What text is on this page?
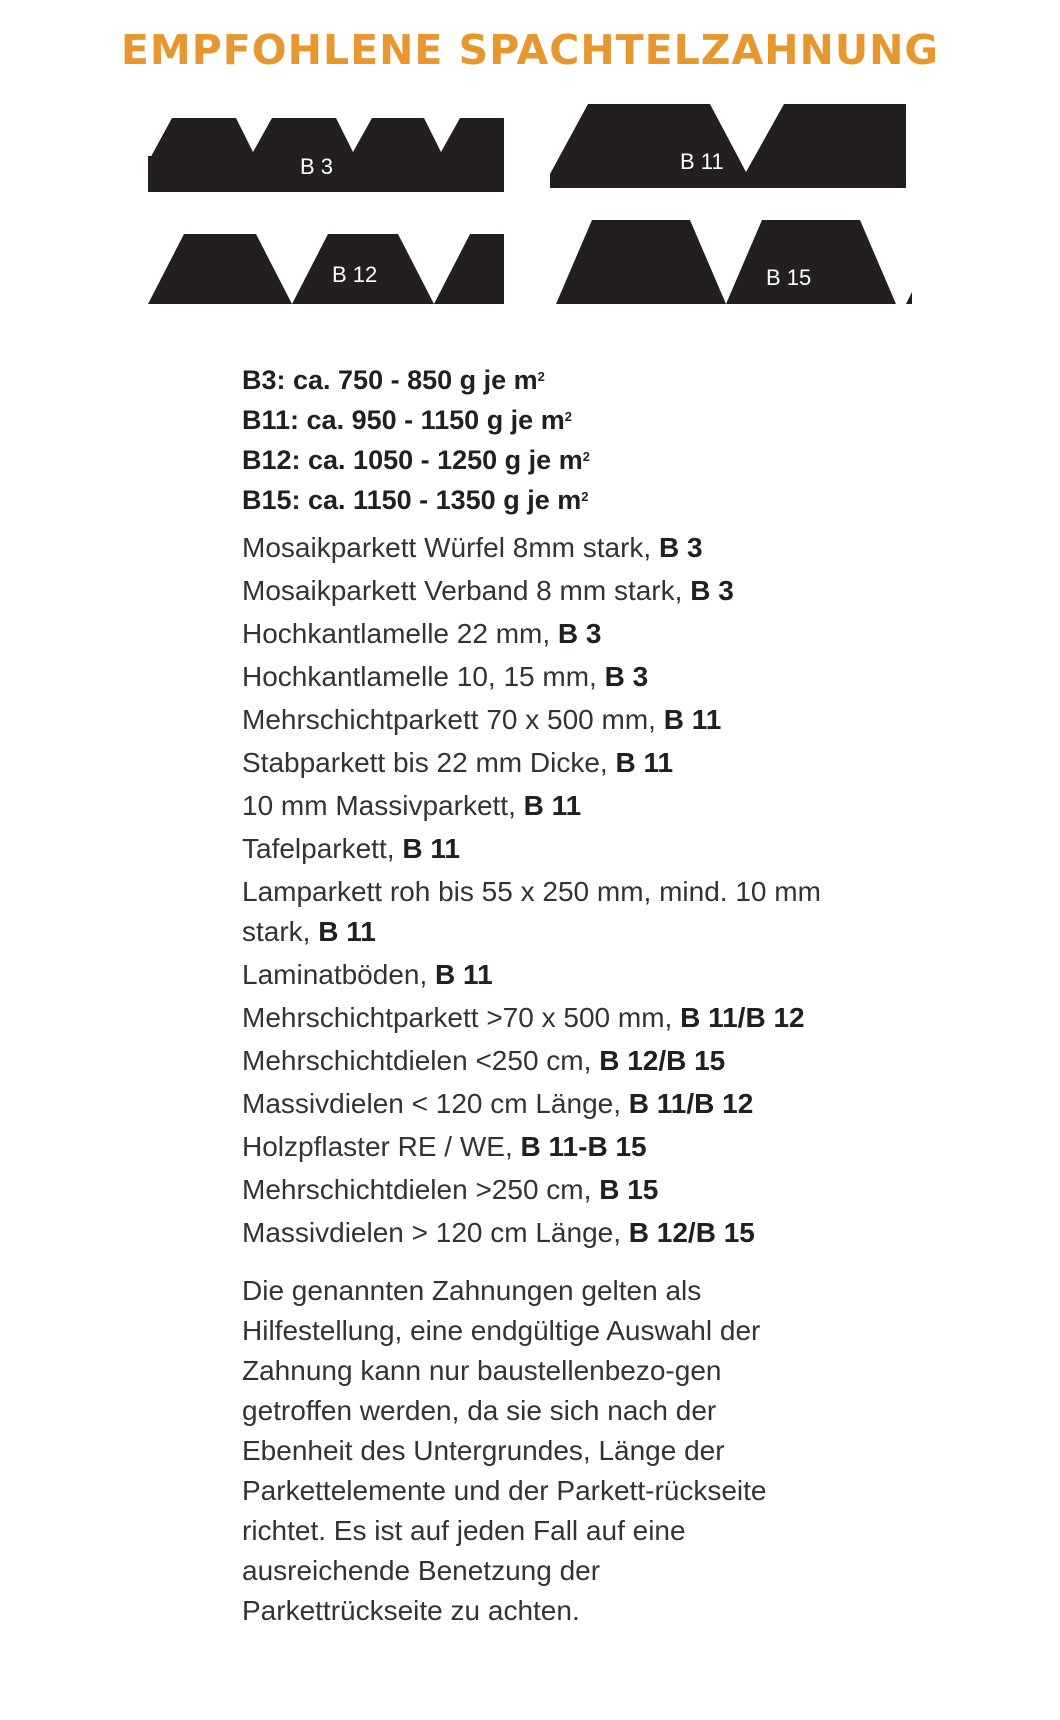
EMPFOHLENE SPACHTELZAHNUNG
B 3	B 11
B 12	B 15
B3: ca. 750 - 850 g je $m^2$
B11: ca. 950 - 1150 g je $m^2$
B12: ca. 1050 - 1250 g je $m^2$
B15: ca. 1150 - 1350 g je $m^2$
Mosaikparkett Würfel 8mm stark, B 3
Mosaikparkett Verband 8 mm stark, B 3
Hochkantlamelle 22 mm, B 3
Hochkantlamelle 10, 15 mm, B 3
Mehrschichtparkett 70 x 500 mm, B 11
Stabparkett bis 22 mm Dicke, B 11
10 mm Massivparkett, B 11
Tafelparkett, B 11
Lamparkett roh bis 55 x 250 mm, mind. 10 mm stark, B 11
Laminatböden, B 11
Mehrschichtparkett >70 x 500 mm, B 11/B 12
Mehrschichtdielen <250 cm, B 12/B 15
Massivdielen < 120 cm Länge, B 11/B 12
Holzpflaster RE / WE, B 11-B 15
Mehrschichtdielen >250 cm, B 15
Massivdielen > 120 cm Länge, B 12/B 15

Die genannten Zahnungen gelten als Hilfestellung, eine endgültige Auswahl der Zahnung kann nur baustellenbezo-gen getroffen werden, da sie sich nach der Ebenheit des Untergrundes, Länge der Parkettelemente und der Parkett-rückseite richtet. Es ist auf jeden Fall auf eine ausreichende Benetzung der Parkettrückseite zu achten.
